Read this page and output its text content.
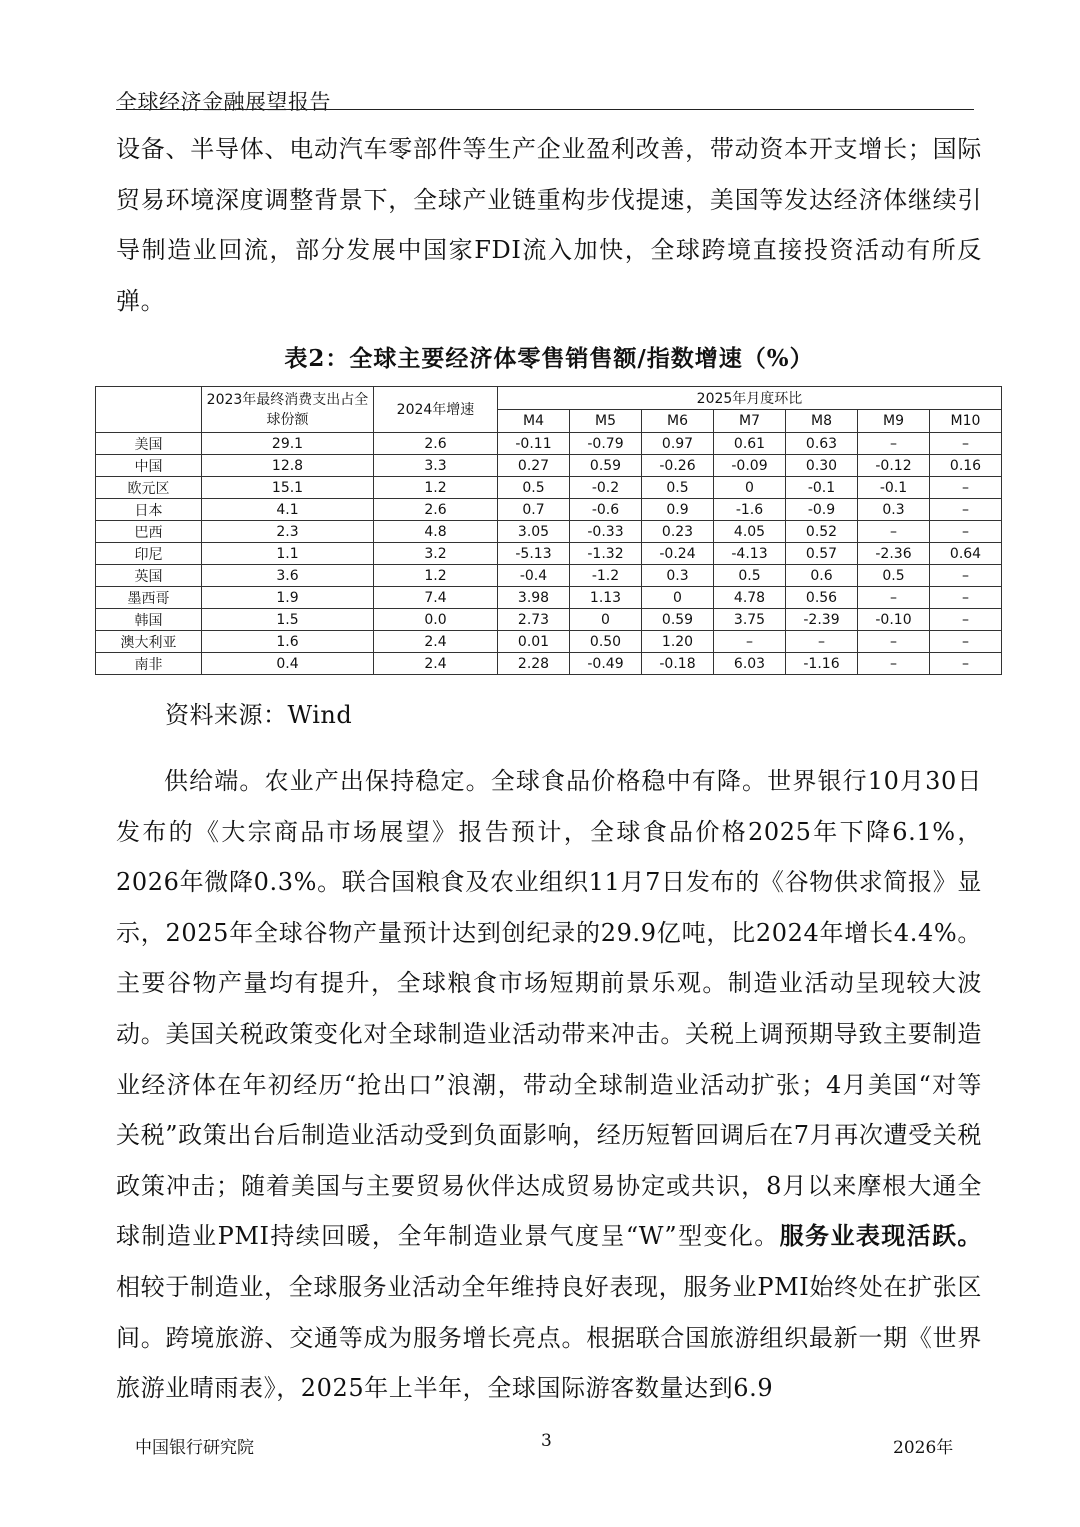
全球经济金融展望报告

设备、半导体、电动汽车零部件等生产企业盈利改善，带动资本开支增长；国际贸易环境深度调整背景下，全球产业链重构步伐提速，美国等发达经济体继续引导制造业回流，部分发展中国家FDI流入加快，全球跨境直接投资活动有所反弹。

表2：全球主要经济体零售销售额/指数增速（%）
	2023年最终消费支出占全球份额	2024年增速	2025年月度环比						
			M4	M5	M6	M7	M8	M9	M10
美国	29.1	2.6	-0.11	-0.79	0.97	0.61	0.63	–	–
中国	12.8	3.3	0.27	0.59	-0.26	-0.09	0.30	-0.12	0.16
欧元区	15.1	1.2	0.5	-0.2	0.5	0	-0.1	-0.1	–
日本	4.1	2.6	0.7	-0.6	0.9	-1.6	-0.9	0.3	–
巴西	2.3	4.8	3.05	-0.33	0.23	4.05	0.52	–	–
印尼	1.1	3.2	-5.13	-1.32	-0.24	-4.13	0.57	-2.36	0.64
英国	3.6	1.2	-0.4	-1.2	0.3	0.5	0.6	0.5	–
墨西哥	1.9	7.4	3.98	1.13	0	4.78	0.56	–	–
韩国	1.5	0.0	2.73	0	0.59	3.75	-2.39	-0.10	–
澳大利亚	1.6	2.4	0.01	0.50	1.20	–	–	–	–
南非	0.4	2.4	2.28	-0.49	-0.18	6.03	-1.16	–	–
资料来源：Wind

供给端。农业产出保持稳定。全球食品价格稳中有降。世界银行10月30日发布的《大宗商品市场展望》报告预计，全球食品价格2025年下降6.1%，2026年微降0.3%。联合国粮食及农业组织11月7日发布的《谷物供求简报》显示，2025年全球谷物产量预计达到创纪录的29.9亿吨，比2024年增长4.4%。主要谷物产量均有提升，全球粮食市场短期前景乐观。制造业活动呈现较大波动。美国关税政策变化对全球制造业活动带来冲击。关税上调预期导致主要制造业经济体在年初经历“抢出口”浪潮，带动全球制造业活动扩张；4月美国“对等关税”政策出台后制造业活动受到负面影响，经历短暂回调后在7月再次遭受关税政策冲击；随着美国与主要贸易伙伴达成贸易协定或共识，8月以来摩根大通全球制造业PMI持续回暖，全年制造业景气度呈“W”型变化。服务业表现活跃。相较于制造业，全球服务业活动全年维持良好表现，服务业PMI始终处在扩张区间。跨境旅游、交通等成为服务增长亮点。根据联合国旅游组织最新一期《世界旅游业晴雨表》，2025年上半年，全球国际游客数量达到6.9

中国银行研究院	3	2026年
